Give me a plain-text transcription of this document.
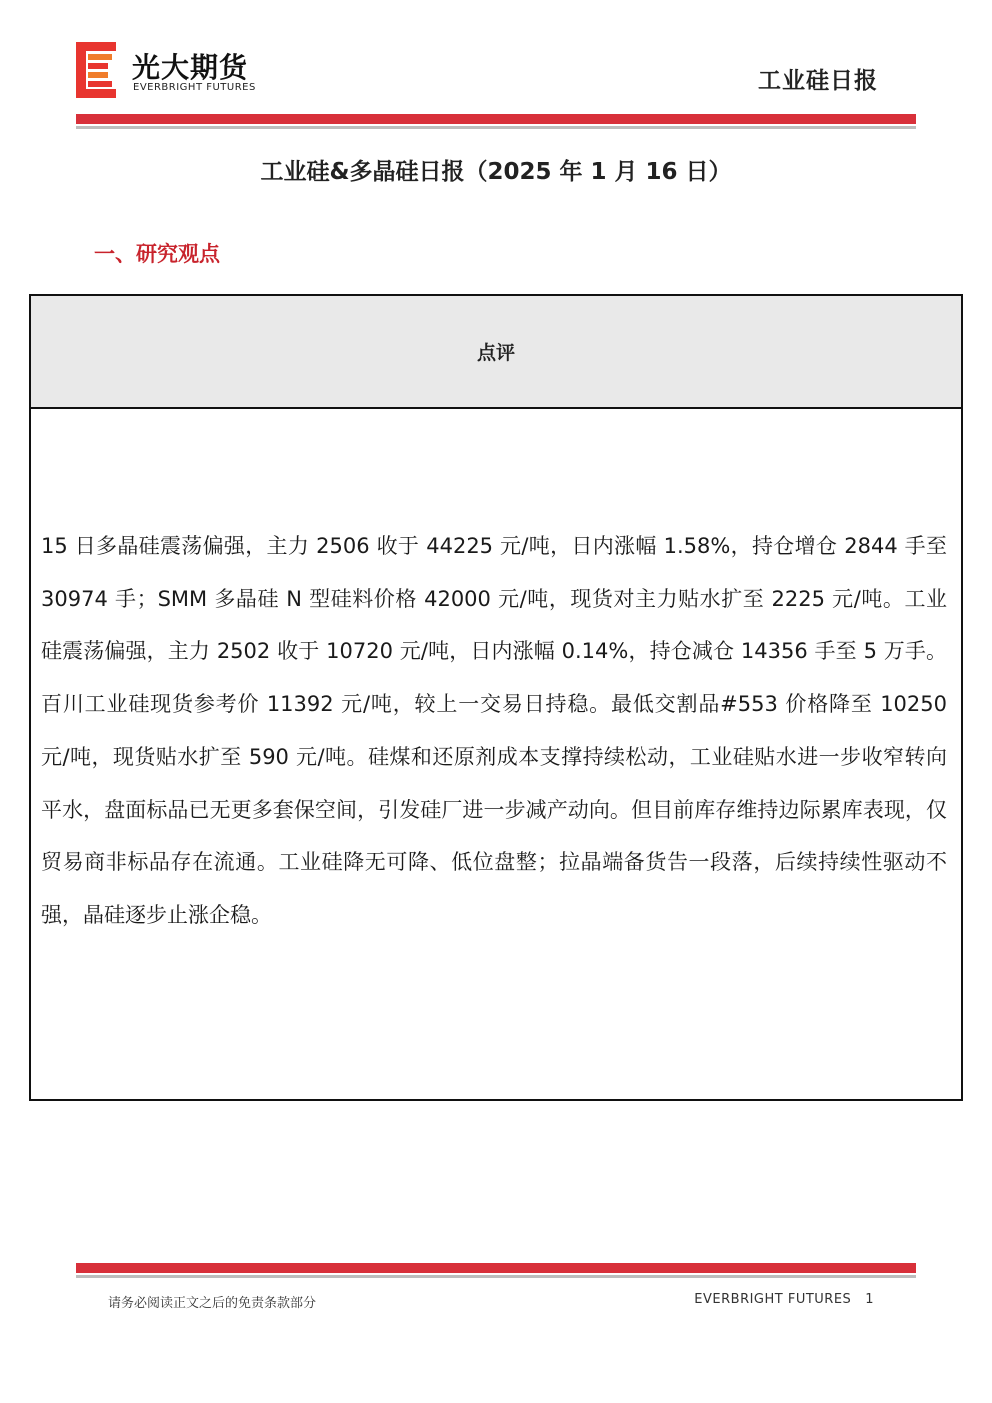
光大期货
EVERBRIGHT FUTURES	工业硅日报
工业硅&多晶硅日报（2025 年 1 月 16 日）
一、研究观点
点评
15 日多晶硅震荡偏强，主力 2506 收于 44225 元/吨，日内涨幅 1.58%，持仓增仓 2844 手至 30974 手；SMM 多晶硅 N 型硅料价格 42000 元/吨，现货对主力贴水扩至 2225 元/吨。工业硅震荡偏强，主力 2502 收于 10720 元/吨，日内涨幅 0.14%，持仓减仓 14356 手至 5 万手。百川工业硅现货参考价 11392 元/吨，较上一交易日持稳。最低交割品#553 价格降至 10250 元/吨，现货贴水扩至 590 元/吨。硅煤和还原剂成本支撑持续松动，工业硅贴水进一步收窄转向平水，盘面标品已无更多套保空间，引发硅厂进一步减产动向。但目前库存维持边际累库表现，仅贸易商非标品存在流通。工业硅降无可降、低位盘整；拉晶端备货告一段落，后续持续性驱动不强，晶硅逐步止涨企稳。
请务必阅读正文之后的免责条款部分	EVERBRIGHT FUTURES 1
